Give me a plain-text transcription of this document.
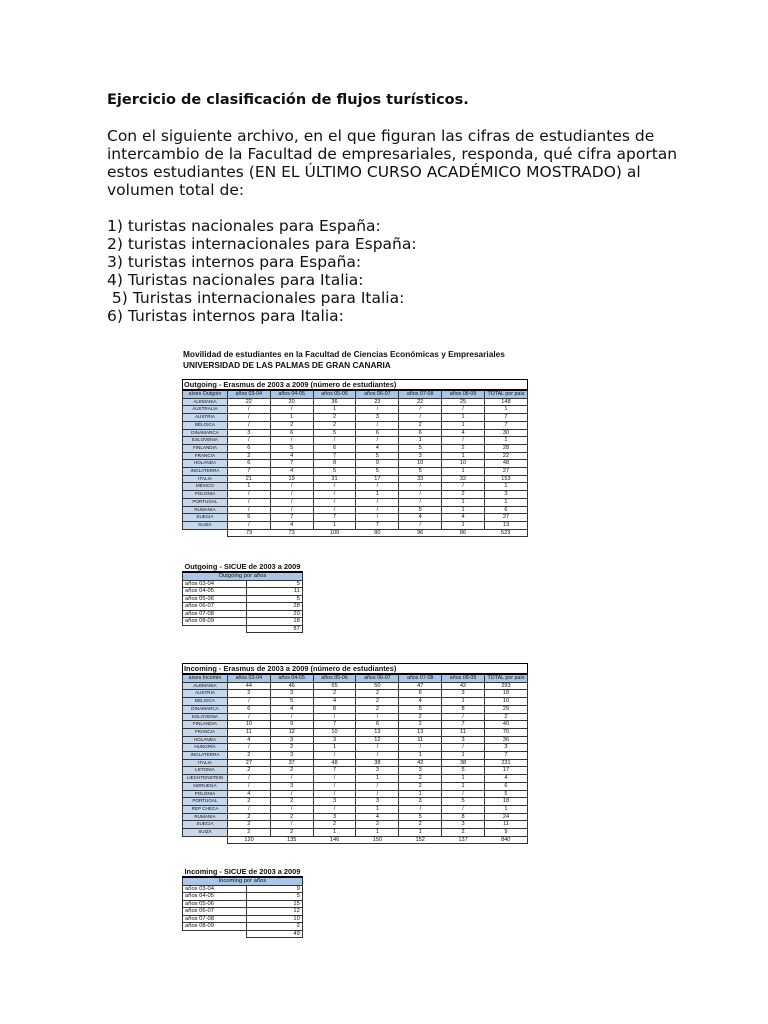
Ejercicio de clasificación de flujos turísticos.
Con el siguiente archivo, en el que figuran las cifras de estudiantes de intercambio de la Facultad de empresariales, responda, qué cifra aportan estos estudiantes (EN EL ÚLTIMO CURSO ACADÉMICO MOSTRADO) al volumen total de:
1) turistas nacionales para España:
2) turistas internacionales para España:
3) turistas internos para España:
4) Turistas nacionales para Italia:
5) Turistas internacionales para Italia:
6) Turistas internos para Italia:
Movilidad de estudiantes en la Facultad de Ciencias Económicas y Empresariales
UNIVERSIDAD DE LAS PALMAS DE GRAN CANARIA
Outgoing - Erasmus de 2003 a 2009 (número de estudiantes)							
aíses Outgoin	años 03-04	años 04-05	años 05-06	años 06-07	años 07-08	años 08-09	TOTAL por país
ALEMANIA	22	20	36	23	22	25	148
AUSTRALIA	/	/	1	/	/	/	1
AUSTRIA	/	1	2	3	/	1	7
BÉLGICA	/	2	2	/	2	1	7
DINAMARCA	3	6	5	6	6	4	30
ESLOVENIA	/	/	/	/	1	/	1
FINLANDIA	6	5	6	4	5	2	28
FRANCIA	2	4	7	5	3	1	22
HOLANDA	6	7	8	9	10	10	48
INGLATERRA	7	4	5	5	5	1	27
ITALIA	21	19	31	17	33	32	153
MÉXICO	1	/	/	/	/	/	1
POLONIA	/	/	/	1	/	2	3
PORTUGAL	/	/	/	/	/	1	1
RUMANIA	/	/	/	/	5	1	6
SUECIA	5	7	7	/	4	4	27
SUIZA	/	4	1	7	/	1	13
	73	73	109	80	96	86	523
Outgoing - SICUE de 2003 a 2009	
Outgoing por años	
años 03-04	5
años 04-05	11
años 05-06	5
años 06-07	28
años 07-08	20
años 08-09	18
	87
Incoming - Erasmus de 2003 a 2009 (número de estudiantes)							
aíses Incomin	años 03-04	años 04-05	años 05-06	años 06-07	años 07-08	años 08-09	TOTAL por país
ALEMANIA	44	46	65	50	47	42	293
AUSTRIA	2	3	2	2	6	3	18
BÉLGICA	/	5	4	2	4	1	10
DINAMARCA	6	4	8	2	5	8	29
ESLOVENIA	/	/	/	/	2	/	2
FINLANDIA	10	9	7	6	2	7	40
FRANCIA	11	12	10	13	13	11	70
HOLANDA	4	3	3	12	11	3	36
HUNGRÍA	/	2	1	/	/	/	3
INGLATERRA	2	3	/	/	1	1	7
ITALIA	27	37	48	38	42	38	231
LETONIA	2	2	7	3	3	5	17
LIECHTENSTEIN	/	/	/	1	2	1	4
NORUEGA	/	3	/	/	2	1	6
POLONIA	4	/	/	/	1	/	5
PORTUGAL	2	2	3	3	3	5	18
REP CHECA	/	/	/	1	/	/	1
RUMANIA	2	2	3	4	5	8	24
SUECIA	2	/	2	2	2	3	11
SUIZA	2	2	1	1	1	2	9
	120	135	146	150	152	137	840
Incoming - SICUE de 2003 a 2009	
Incoming por años	
años 03-04	9
años 04-05	5
años 05-06	15
años 06-07	12
años 07-08	10
años 08-09	2
	49
